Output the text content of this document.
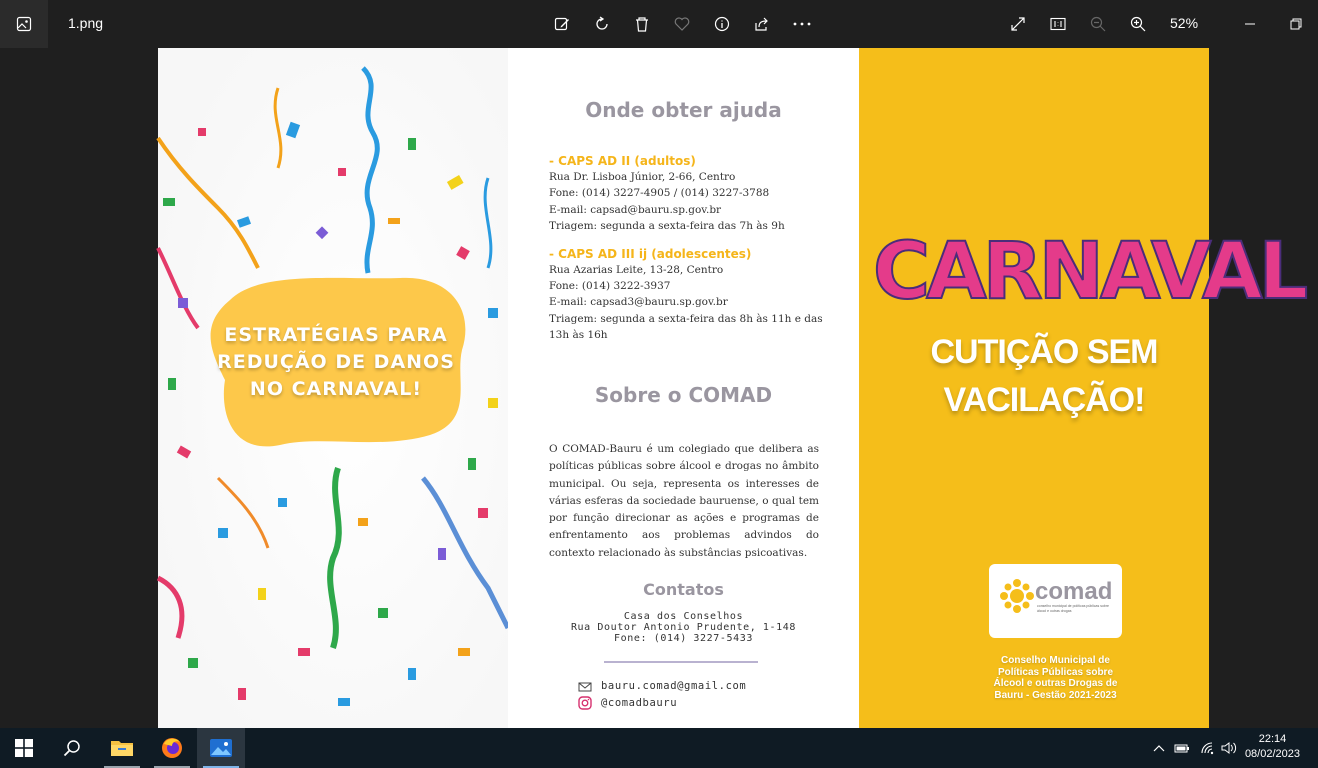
1.png	52%
ESTRATÉGIAS PARA
REDUÇÃO DE DANOS
NO CARNAVAL!
Onde obter ajuda
- CAPS AD II (adultos)
Rua Dr. Lisboa Júnior, 2-66, Centro
Fone: (014) 3227-4905 / (014) 3227-3788
E-mail: capsad@bauru.sp.gov.br
Triagem: segunda a sexta-feira das 7h às 9h
- CAPS AD III ij (adolescentes)
Rua Azarias Leite, 13-28, Centro
Fone: (014) 3222-3937
E-mail: capsad3@bauru.sp.gov.br
Triagem: segunda a sexta-feira das 8h às 11h e das
13h às 16h
Sobre o COMAD
O COMAD-Bauru é um colegiado que delibera as políticas públicas sobre álcool e drogas no âmbito municipal. Ou seja, representa os interesses de várias esferas da sociedade bauruense, o qual tem por função direcionar as ações e programas de enfrentamento aos problemas advindos do contexto relacionado às substâncias psicoativas.
Contatos
Casa dos Conselhos
Rua Doutor Antonio Prudente, 1-148
Fone: (014) 3227-5433
bauru.comad@gmail.com
@comadbauru
CARNAVAL
CUTIÇÃO SEM
VACILAÇÃO!
comad
conselho municipal de políticas públicas sobre álcool e outras drogas
Conselho Municipal de
Políticas Públicas sobre
Álcool e outras Drogas de
Bauru - Gestão 2021-2023
22:14
08/02/2023
